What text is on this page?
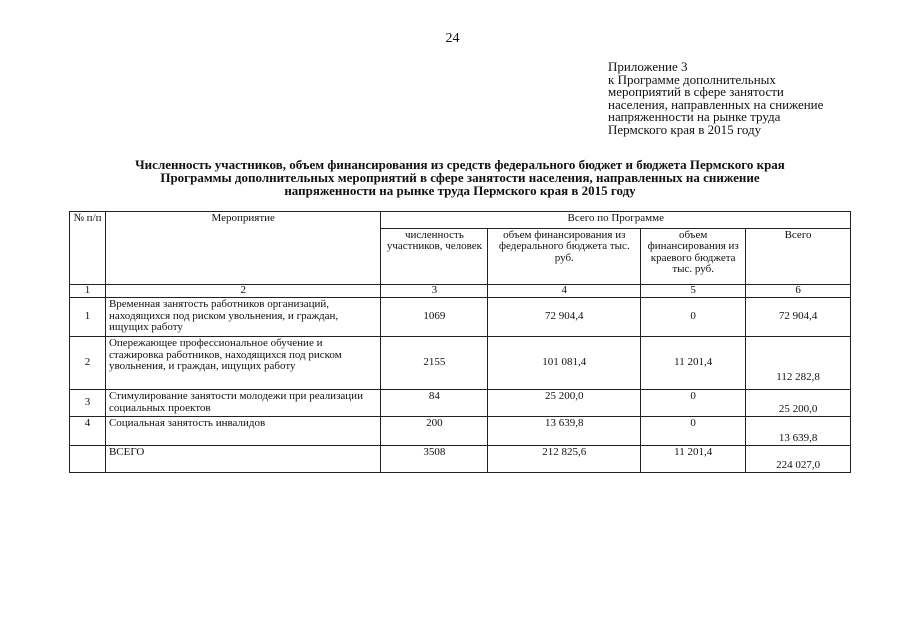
24
Приложение 3
к Программе дополнительных
мероприятий в сфере занятости
населения, направленных на снижение
напряженности на рынке труда
Пермского края в 2015 году
Численность участников, объем финансирования из средств федерального бюджет и бюджета Пермского края
Программы дополнительных мероприятий в сфере занятости населения, направленных на снижение
напряженности на рынке труда Пермского края в 2015 году
№ п/п	Мероприятие	Всего по Программе			
		численность участников, человек	объем финансирования из федерального бюджета тыс. руб.	объем финансирования из краевого бюджета тыс. руб.	Всего
1	2	3	4	5	6
1	Временная занятость работников организаций, находящихся под риском увольнения, и граждан, ищущих работу	1069	72 904,4	0	72 904,4
2	Опережающее профессиональное обучение и стажировка работников, находящихся под риском увольнения, и граждан, ищущих работу	2155	101 081,4	11 201,4	112 282,8
3	Стимулирование занятости молодежи при реализации социальных проектов	84	25 200,0	0	25 200,0
4	Социальная занятость инвалидов	200	13 639,8	0	13 639,8
	ВСЕГО	3508	212 825,6	11 201,4	224 027,0
